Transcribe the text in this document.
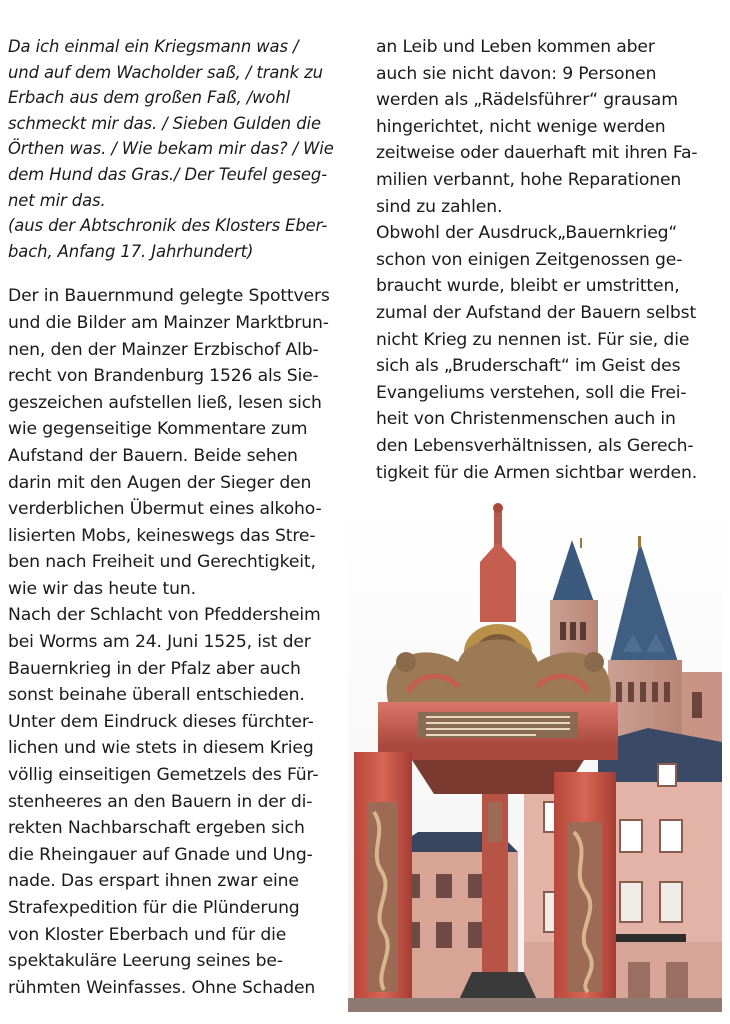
Da ich einmal ein Kriegsmann was /
und auf dem Wacholder saß, / trank zu
Erbach aus dem großen Faß, /wohl
schmeckt mir das. / Sieben Gulden die
Örthen was. / Wie bekam mir das? / Wie
dem Hund das Gras./ Der Teufel geseg-
net mir das.
(aus der Abtschronik des Klosters Eber-
bach, Anfang 17. Jahrhundert)
Der in Bauernmund gelegte Spottvers
und die Bilder am Mainzer Marktbrun-
nen, den der Mainzer Erzbischof Alb-
recht von Brandenburg 1526 als Sie-
geszeichen aufstellen ließ, lesen sich
wie gegenseitige Kommentare zum
Aufstand der Bauern. Beide sehen
darin mit den Augen der Sieger den
verderblichen Übermut eines alkoho-
lisierten Mobs, keineswegs das Stre-
ben nach Freiheit und Gerechtigkeit,
wie wir das heute tun.
Nach der Schlacht von Pfeddersheim
bei Worms am 24. Juni 1525, ist der
Bauernkrieg in der Pfalz aber auch
sonst beinahe überall entschieden.
Unter dem Eindruck dieses fürchter-
lichen und wie stets in diesem Krieg
völlig einseitigen Gemetzels des Für-
stenheeres an den Bauern in der di-
rekten Nachbarschaft ergeben sich
die Rheingauer auf Gnade und Ung-
nade. Das erspart ihnen zwar eine
Strafexpedition für die Plünderung
von Kloster Eberbach und für die
spektakuläre Leerung seines be-
rühmten Weinfasses. Ohne Schaden
an Leib und Leben kommen aber
auch sie nicht davon: 9 Personen
werden als „Rädelsführer“ grausam
hingerichtet, nicht wenige werden
zeitweise oder dauerhaft mit ihren Fa-
milien verbannt, hohe Reparationen
sind zu zahlen.
Obwohl der Ausdruck„Bauernkrieg“
schon von einigen Zeitgenossen ge-
braucht wurde, bleibt er umstritten,
zumal der Aufstand der Bauern selbst
nicht Krieg zu nennen ist. Für sie, die
sich als „Bruderschaft“ im Geist des
Evangeliums verstehen, soll die Frei-
heit von Christenmenschen auch in
den Lebensverhältnissen, als Gerech-
tigkeit für die Armen sichtbar werden.
